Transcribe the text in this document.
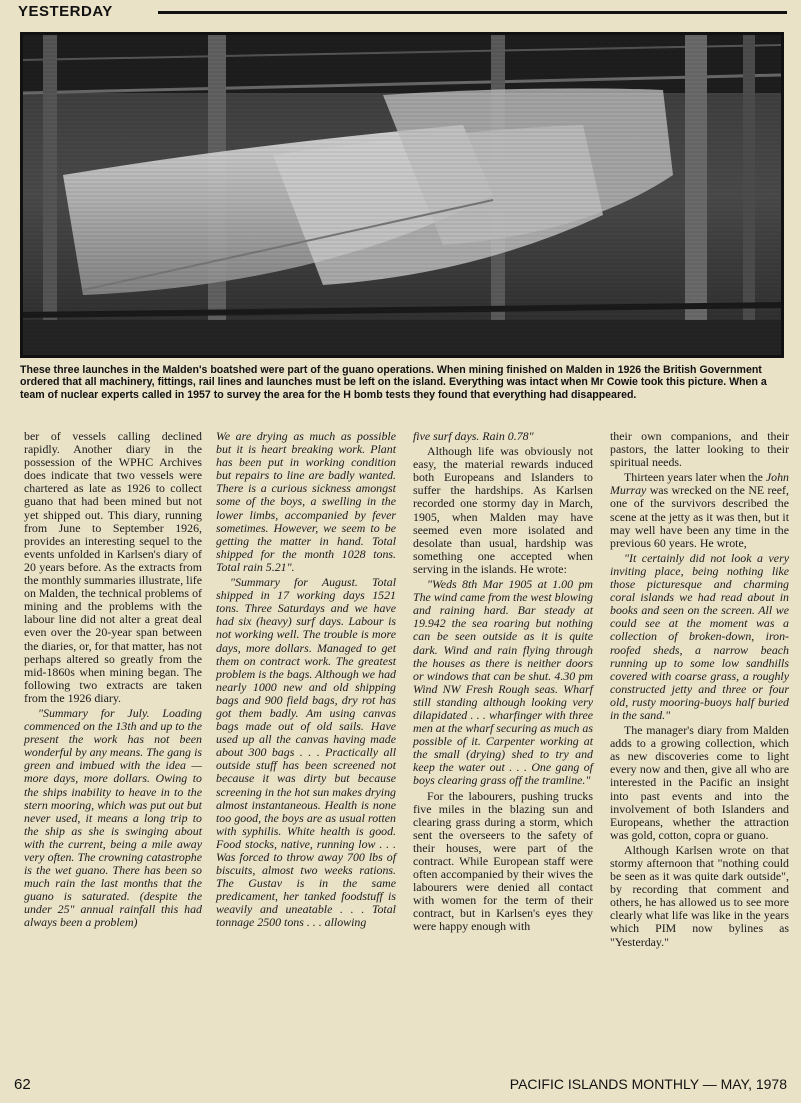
YESTERDAY

These three launches in the Malden's boatshed were part of the guano operations. When mining finished on Malden in 1926 the British Government ordered that all machinery, fittings, rail lines and launches must be left on the island. Everything was intact when Mr Cowie took this picture. When a team of nuclear experts called in 1957 to survey the area for the H bomb tests they found that everything had disappeared.

ber of vessels calling declined rapidly. Another diary in the possession of the WPHC Archives does indicate that two vessels were chartered as late as 1926 to collect guano that had been mined but not yet shipped out. This diary, running from June to September 1926, provides an interesting sequel to the events unfolded in Karlsen's diary of 20 years before. As the extracts from the monthly summaries illustrate, life on Malden, the technical problems of mining and the problems with the labour line did not alter a great deal even over the 20-year span between the diaries, or, for that matter, has not perhaps altered so greatly from the mid-1860s when mining began. The following two extracts are taken from the 1926 diary.

"Summary for July. Loading commenced on the 13th and up to the present the work has not been wonderful by any means. The gang is green and imbued with the idea — more days, more dollars. Owing to the ships inability to heave in to the stern mooring, which was put out but never used, it means a long trip to the ship as she is swinging about with the current, being a mile away very often. The crowning catastrophe is the wet guano. There has been so much rain the last months that the guano is saturated. (despite the under 25" annual rainfall this had always been a problem)

We are drying as much as possible but it is heart breaking work. Plant has been put in working condition but repairs to line are badly wanted. There is a curious sickness amongst some of the boys, a swelling in the lower limbs, accompanied by fever sometimes. However, we seem to be getting the matter in hand. Total shipped for the month 1028 tons. Total rain 5.21".

"Summary for August. Total shipped in 17 working days 1521 tons. Three Saturdays and we have had six (heavy) surf days. Labour is not working well. The trouble is more days, more dollars. Managed to get them on contract work. The greatest problem is the bags. Although we had nearly 1000 new and old shipping bags and 900 field bags, dry rot has got them badly. Am using canvas bags made out of old sails. Have used up all the canvas having made about 300 bags . . . Practically all outside stuff has been screened not because it was dirty but because screening in the hot sun makes drying almost instantaneous. Health is none too good, the boys are as usual rotten with syphilis. White health is good. Food stocks, native, running low . . . Was forced to throw away 700 lbs of biscuits, almost two weeks rations. The Gustav is in the same predicament, her tanked foodstuff is weavily and uneatable . . . Total tonnage 2500 tons . . . allowing

five surf days. Rain 0.78"

Although life was obviously not easy, the material rewards induced both Europeans and Islanders to suffer the hardships. As Karlsen recorded one stormy day in March, 1905, when Malden may have seemed even more isolated and desolate than usual, hardship was something one accepted when serving in the islands. He wrote:

"Weds 8th Mar 1905 at 1.00 pm The wind came from the west blowing and raining hard. Bar steady at 19.942 the sea roaring but nothing can be seen outside as it is quite dark. Wind and rain flying through the houses as there is neither doors or windows that can be shut. 4.30 pm Wind NW Fresh Rough seas. Wharf still standing although looking very dilapidated . . . wharfinger with three men at the wharf securing as much as possible of it. Carpenter working at the small (drying) shed to try and keep the water out . . . One gang of boys clearing grass off the tramline."

For the labourers, pushing trucks five miles in the blazing sun and clearing grass during a storm, which sent the overseers to the safety of their houses, were part of the contract. While European staff were often accompanied by their wives the labourers were denied all contact with women for the term of their contract, but in Karlsen's eyes they were happy enough with

their own companions, and their pastors, the latter looking to their spiritual needs.

Thirteen years later when the John Murray was wrecked on the NE reef, one of the survivors described the scene at the jetty as it was then, but it may well have been any time in the previous 60 years. He wrote,

"It certainly did not look a very inviting place, being nothing like those picturesque and charming coral islands we had read about in books and seen on the screen. All we could see at the moment was a collection of broken-down, iron-roofed sheds, a narrow beach running up to some low sandhills covered with coarse grass, a roughly constructed jetty and three or four old, rusty mooring-buoys half buried in the sand."

The manager's diary from Malden adds to a growing collection, which as new discoveries come to light every now and then, give all who are interested in the Pacific an insight into past events and into the involvement of both Islanders and Europeans, whether the attraction was gold, cotton, copra or guano.

Although Karlsen wrote on that stormy afternoon that "nothing could be seen as it was quite dark outside", by recording that comment and others, he has allowed us to see more clearly what life was like in the years which PIM now bylines as "Yesterday."

62	PACIFIC ISLANDS MONTHLY — MAY, 1978
